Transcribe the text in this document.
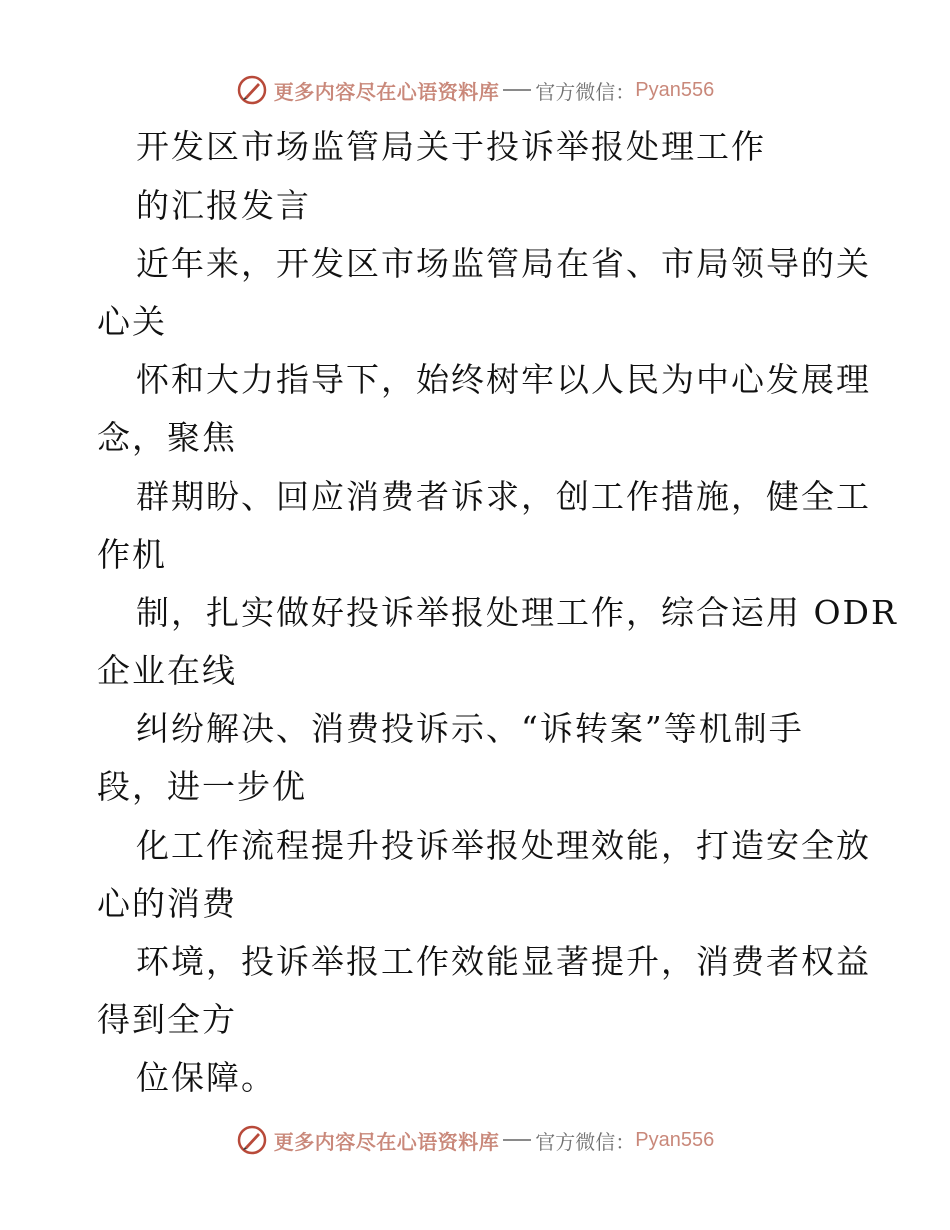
更多内容尽在心语资料库 官方微信： Pyan556
开发区市场监管局关于投诉举报处理工作
的汇报发言
近年来，开发区市场监管局在省、市局领导的关
心关
怀和大力指导下，始终树牢以人民为中心发展理
念，聚焦
群期盼、回应消费者诉求，创工作措施，健全工
作机
制，扎实做好投诉举报处理工作，综合运用 ODR
企业在线
纠纷解决、消费投诉示、“诉转案”等机制手
段，进一步优
化工作流程提升投诉举报处理效能，打造安全放
心的消费
环境，投诉举报工作效能显著提升，消费者权益
得到全方
位保障。
更多内容尽在心语资料库 官方微信： Pyan556
